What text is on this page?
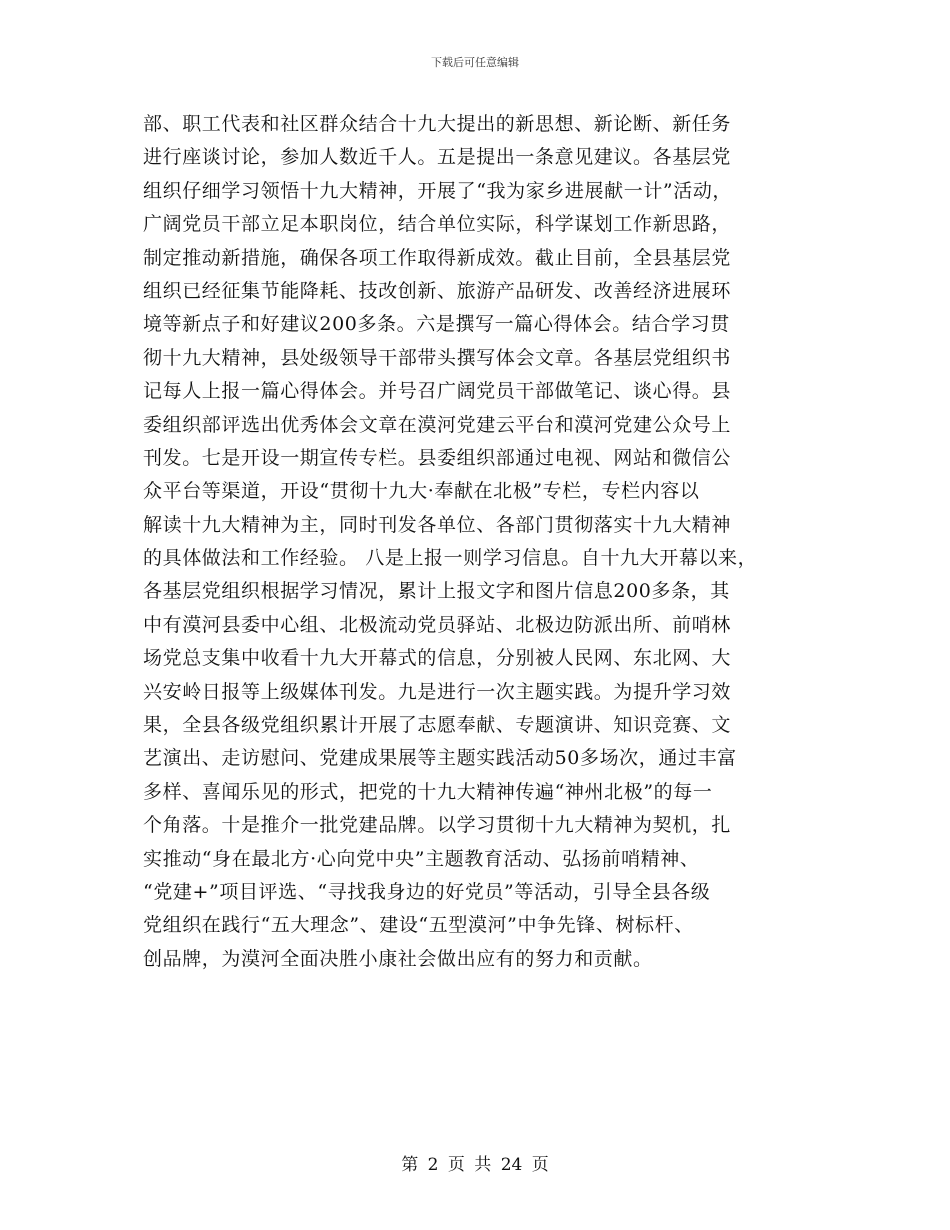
下载后可任意编辑
部、职工代表和社区群众结合十九大提出的新思想、新论断、新任务
进行座谈讨论，参加人数近千人。五是提出一条意见建议。各基层党
组织仔细学习领悟十九大精神，开展了“我为家乡进展献一计”活动，
广阔党员干部立足本职岗位，结合单位实际，科学谋划工作新思路，
制定推动新措施，确保各项工作取得新成效。截止目前，全县基层党
组织已经征集节能降耗、技改创新、旅游产品研发、改善经济进展环
境等新点子和好建议200多条。六是撰写一篇心得体会。结合学习贯
彻十九大精神，县处级领导干部带头撰写体会文章。各基层党组织书
记每人上报一篇心得体会。并号召广阔党员干部做笔记、谈心得。县
委组织部评选出优秀体会文章在漠河党建云平台和漠河党建公众号上
刊发。七是开设一期宣传专栏。县委组织部通过电视、网站和微信公
众平台等渠道，开设“贯彻十九大·奉献在北极”专栏，专栏内容以
解读十九大精神为主，同时刊发各单位、各部门贯彻落实十九大精神
的具体做法和工作经验。 八是上报一则学习信息。自十九大开幕以来，
各基层党组织根据学习情况，累计上报文字和图片信息200多条，其
中有漠河县委中心组、北极流动党员驿站、北极边防派出所、前哨林
场党总支集中收看十九大开幕式的信息，分别被人民网、东北网、大
兴安岭日报等上级媒体刊发。九是进行一次主题实践。为提升学习效
果，全县各级党组织累计开展了志愿奉献、专题演讲、知识竞赛、文
艺演出、走访慰问、党建成果展等主题实践活动50多场次，通过丰富
多样、喜闻乐见的形式，把党的十九大精神传遍“神州北极”的每一
个角落。十是推介一批党建品牌。以学习贯彻十九大精神为契机，扎
实推动“身在最北方·心向党中央”主题教育活动、弘扬前哨精神、
“党建+”项目评选、“寻找我身边的好党员”等活动，引导全县各级
党组织在践行“五大理念”、建设“五型漠河”中争先锋、树标杆、
创品牌，为漠河全面决胜小康社会做出应有的努力和贡献。
第 2 页 共 24 页
